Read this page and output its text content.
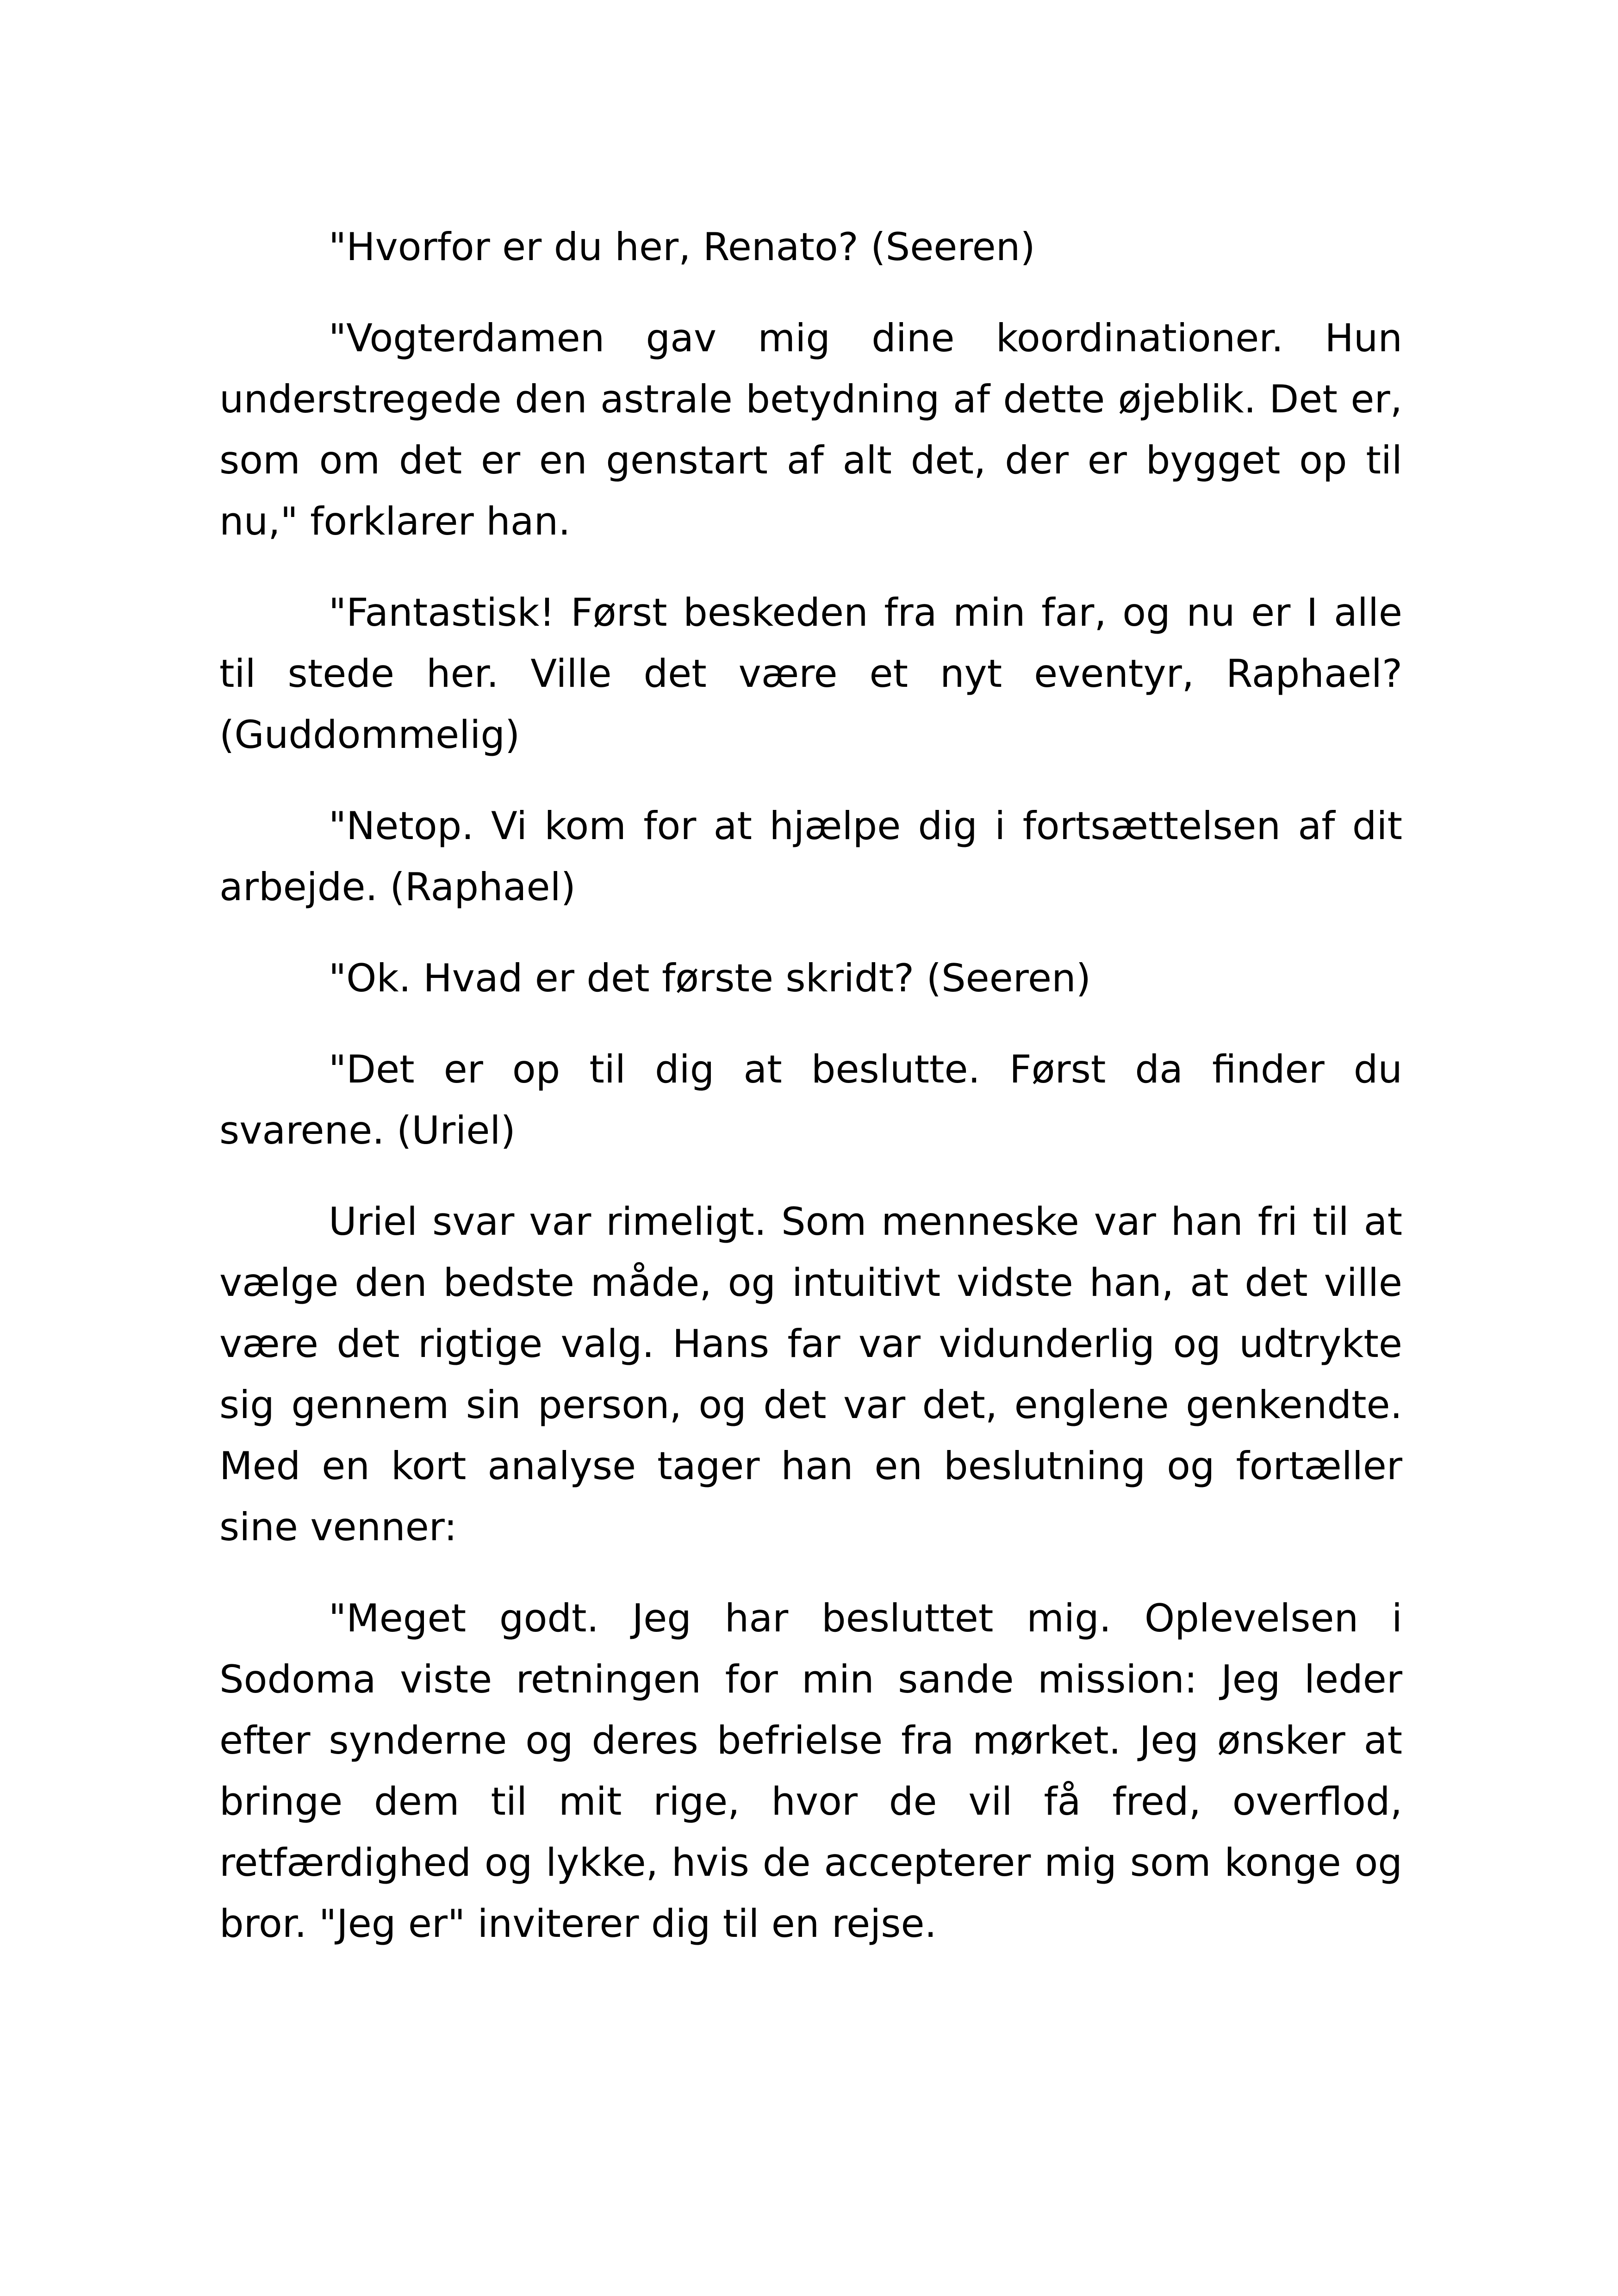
"Hvorfor er du her, Renato? (Seeren)

"Vogterdamen gav mig dine koordinationer. Hun understregede den astrale betydning af dette øjeblik. Det er, som om det er en genstart af alt det, der er bygget op til nu," forklarer han.

"Fantastisk! Først beskeden fra min far, og nu er I alle til stede her. Ville det være et nyt eventyr, Raphael? (Guddommelig)

"Netop. Vi kom for at hjælpe dig i fortsættelsen af dit arbejde. (Raphael)

"Ok. Hvad er det første skridt? (Seeren)

"Det er op til dig at beslutte. Først da finder du svarene. (Uriel)

Uriel svar var rimeligt. Som menneske var han fri til at vælge den bedste måde, og intuitivt vidste han, at det ville være det rigtige valg. Hans far var vidunderlig og udtrykte sig gennem sin person, og det var det, englene genkendte. Med en kort analyse tager han en beslutning og fortæller sine venner:

"Meget godt. Jeg har besluttet mig. Oplevelsen i Sodoma viste retningen for min sande mission: Jeg leder efter synderne og deres befrielse fra mørket. Jeg ønsker at bringe dem til mit rige, hvor de vil få fred, overflod, retfærdighed og lykke, hvis de accepterer mig som konge og bror. "Jeg er" inviterer dig til en rejse.
